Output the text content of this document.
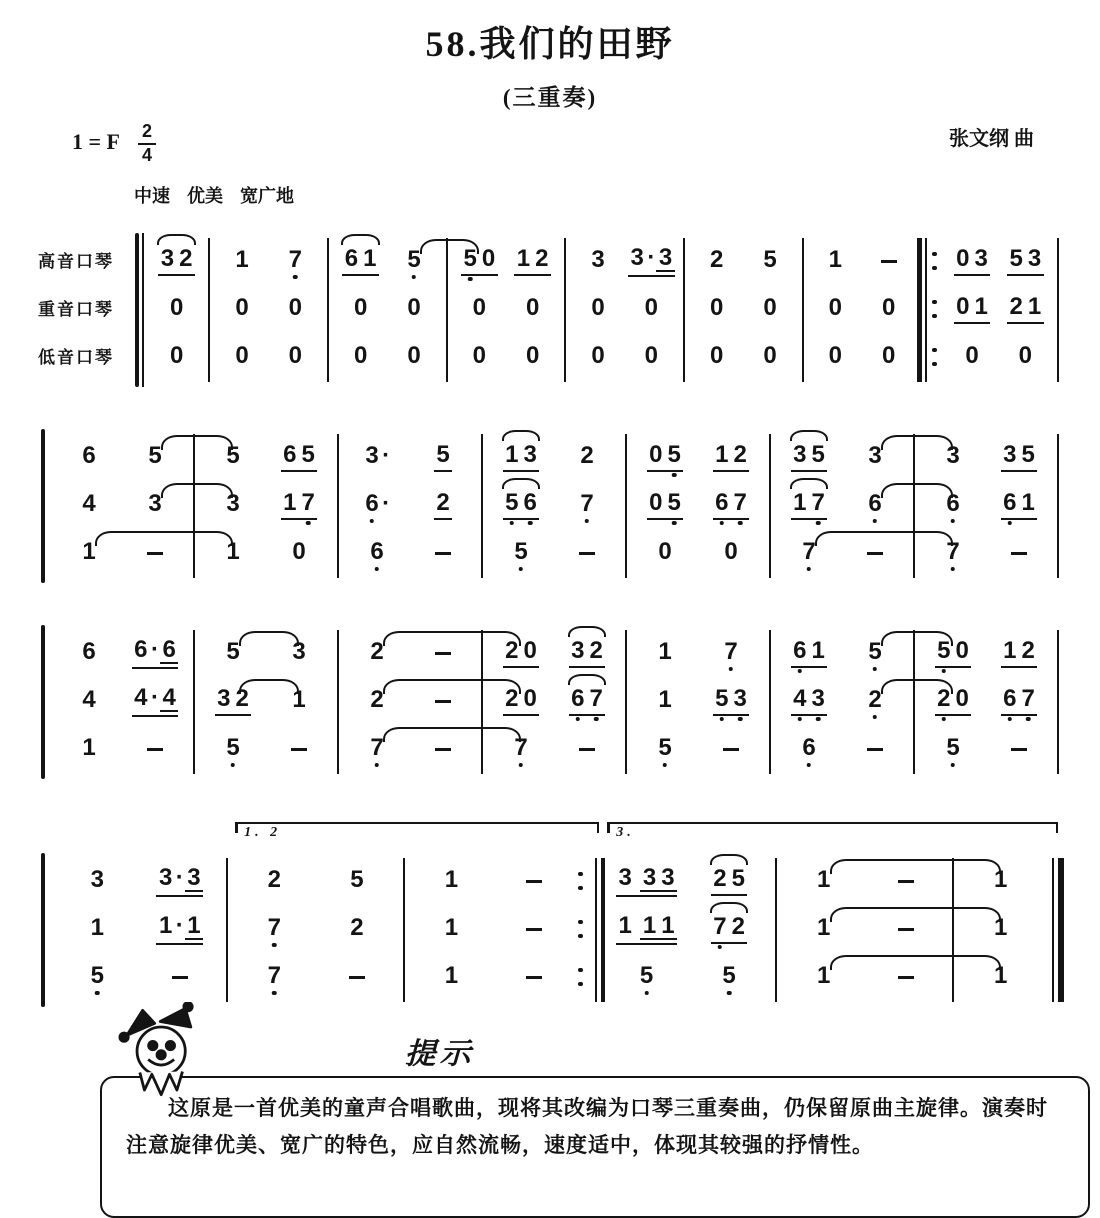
58.我们的田野
(三重奏)
1 = F $\frac{2}{4}$	张文纲 曲
中速 优美 宽广地
高音口琴
重音口琴
低音口琴
3 2
0
0
1
0
0
7
0
0
6 1
0
0
5
0
0
5 0
0
0
1 2
0
0
3
0
0
3 · 3
0
0
2
0
0
5
0
0
1
0
0
0
0
0 3
0 1
0
5 3
2 1
0
6
4
1
5
3
5
3
1
6 5
1 7
0
3 ·
6 ·
6
5
2
1 3
5 6
5
2
7
0 5
0 5
0
1 2
6 7
0
3 5
1 7
7
3
6
3
6
7
3 5
6 1
6
4
1
6 · 6
4 · 4
5
3 2
5
3
1
2
2
7
2 0
2 0
7
3 2
6 7
1
1
5
7
5 3
6 1
4 3
6
5
2
5 0
2 0
5
1 2
6 7
3
1
5
3 · 3
1 · 1
2
7
7
5
2
1
1
1
3 3 3
1 1 1
5
2 5
7 2
5
1
1
1
1
1
1
1. 2	3.
提示

这原是一首优美的童声合唱歌曲，现将其改编为口琴三重奏曲，仍保留原曲主旋律。演奏时注意旋律优美、宽广的特色，应自然流畅，速度适中，体现其较强的抒情性。
